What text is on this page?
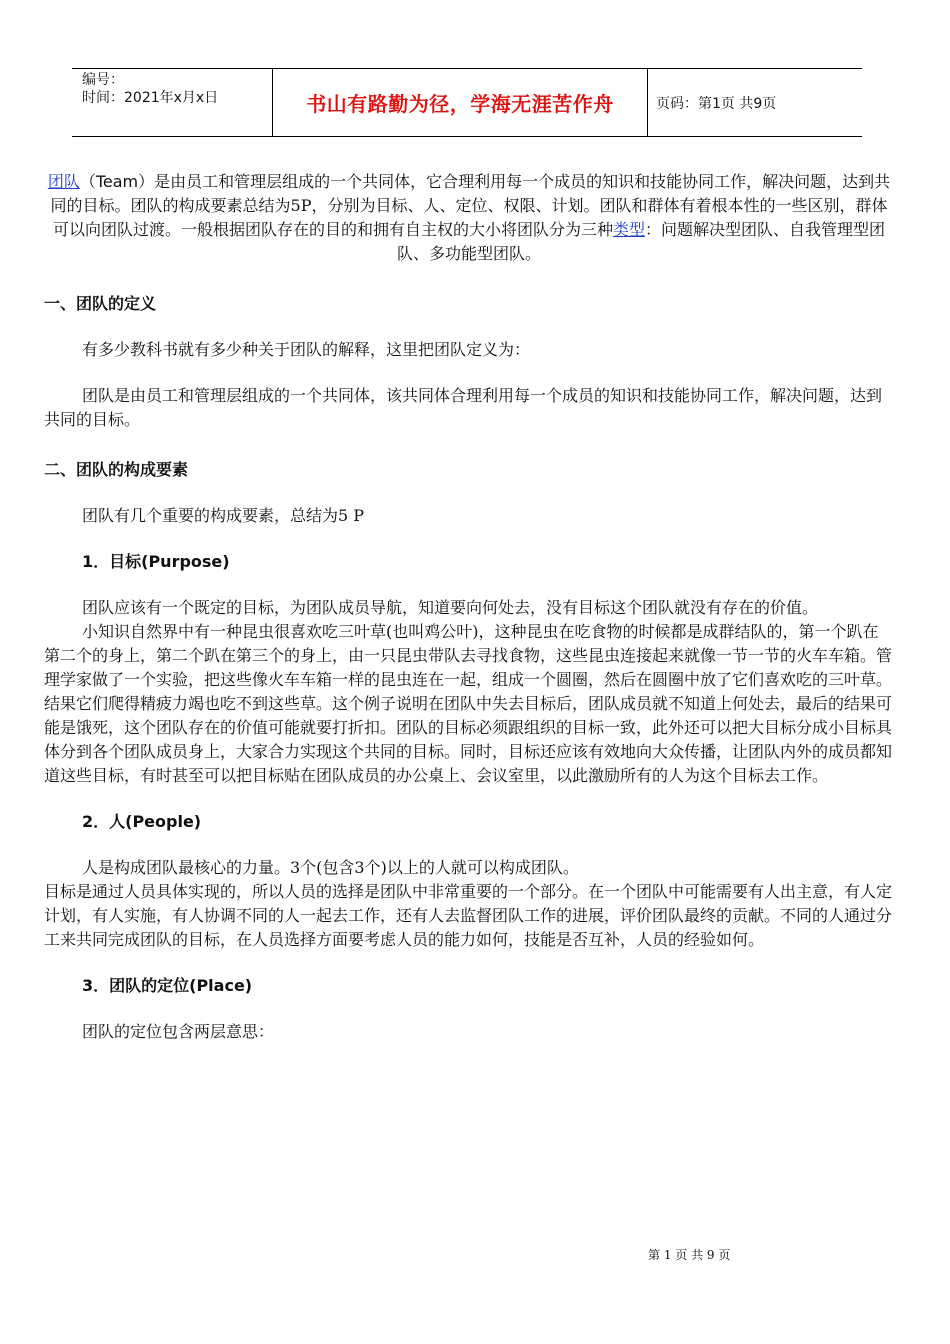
编号：
时间：2021年x月x日	书山有路勤为径，学海无涯苦作舟	页码：第1页 共9页

团队（Team）是由员工和管理层组成的一个共同体，它合理利用每一个成员的知识和技能协同工作，解决问题，达到共同的目标。团队的构成要素总结为5P，分别为目标、人、定位、权限、计划。团队和群体有着根本性的一些区别，群体可以向团队过渡。一般根据团队存在的目的和拥有自主权的大小将团队分为三种类型：问题解决型团队、自我管理型团队、多功能型团队。

一、团队的定义

有多少教科书就有多少种关于团队的解释，这里把团队定义为：

团队是由员工和管理层组成的一个共同体，该共同体合理利用每一个成员的知识和技能协同工作，解决问题，达到共同的目标。

二、团队的构成要素

团队有几个重要的构成要素，总结为5 P

1．目标(Purpose)

团队应该有一个既定的目标，为团队成员导航，知道要向何处去，没有目标这个团队就没有存在的价值。

小知识自然界中有一种昆虫很喜欢吃三叶草(也叫鸡公叶)，这种昆虫在吃食物的时候都是成群结队的，第一个趴在第二个的身上，第二个趴在第三个的身上，由一只昆虫带队去寻找食物，这些昆虫连接起来就像一节一节的火车车箱。管理学家做了一个实验，把这些像火车车箱一样的昆虫连在一起，组成一个圆圈，然后在圆圈中放了它们喜欢吃的三叶草。结果它们爬得精疲力竭也吃不到这些草。这个例子说明在团队中失去目标后，团队成员就不知道上何处去，最后的结果可能是饿死，这个团队存在的价值可能就要打折扣。团队的目标必须跟组织的目标一致，此外还可以把大目标分成小目标具体分到各个团队成员身上，大家合力实现这个共同的目标。同时，目标还应该有效地向大众传播，让团队内外的成员都知道这些目标，有时甚至可以把目标贴在团队成员的办公桌上、会议室里，以此激励所有的人为这个目标去工作。

2．人(People)

人是构成团队最核心的力量。3个(包含3个)以上的人就可以构成团队。

目标是通过人员具体实现的，所以人员的选择是团队中非常重要的一个部分。在一个团队中可能需要有人出主意，有人定计划，有人实施，有人协调不同的人一起去工作，还有人去监督团队工作的进展，评价团队最终的贡献。不同的人通过分工来共同完成团队的目标，在人员选择方面要考虑人员的能力如何，技能是否互补，人员的经验如何。

3．团队的定位(Place)

团队的定位包含两层意思：

第 1 页 共 9 页
